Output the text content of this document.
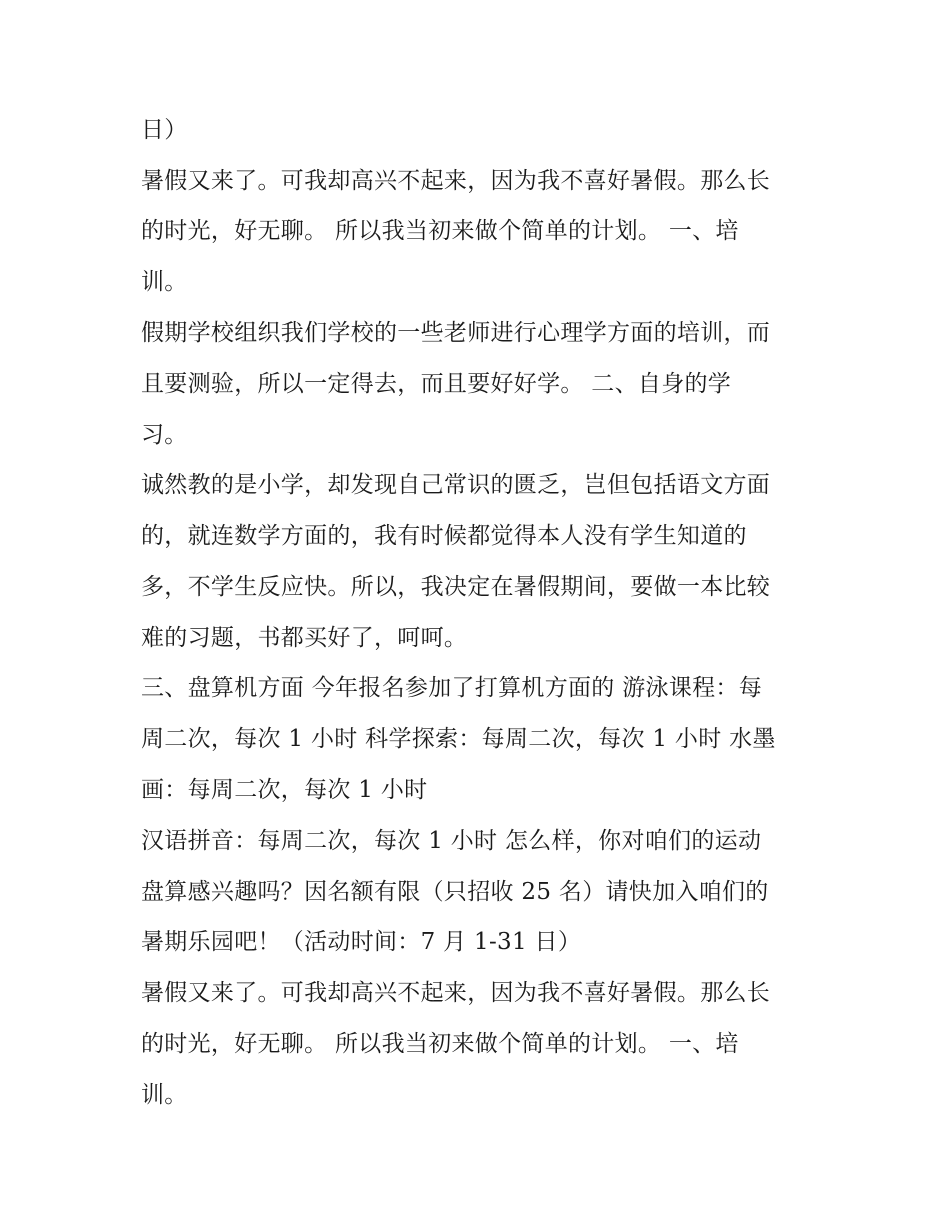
日）
暑假又来了。可我却高兴不起来，因为我不喜好暑假。那么长
的时光，好无聊。 所以我当初来做个简单的计划。 一、培
训。
假期学校组织我们学校的一些老师进行心理学方面的培训，而
且要测验，所以一定得去，而且要好好学。 二、自身的学
习。
诚然教的是小学，却发现自己常识的匮乏，岂但包括语文方面
的，就连数学方面的，我有时候都觉得本人没有学生知道的
多，不学生反应快。所以，我决定在暑假期间，要做一本比较
难的习题，书都买好了，呵呵。
三、盘算机方面 今年报名参加了打算机方面的 游泳课程：每
周二次，每次 1 小时 科学探索：每周二次，每次 1 小时 水墨
画：每周二次，每次 1 小时
汉语拼音：每周二次，每次 1 小时 怎么样，你对咱们的运动
盘算感兴趣吗？因名额有限（只招收 25 名）请快加入咱们的
暑期乐园吧！（活动时间：7 月 1-31 日）
暑假又来了。可我却高兴不起来，因为我不喜好暑假。那么长
的时光，好无聊。 所以我当初来做个简单的计划。 一、培
训。
